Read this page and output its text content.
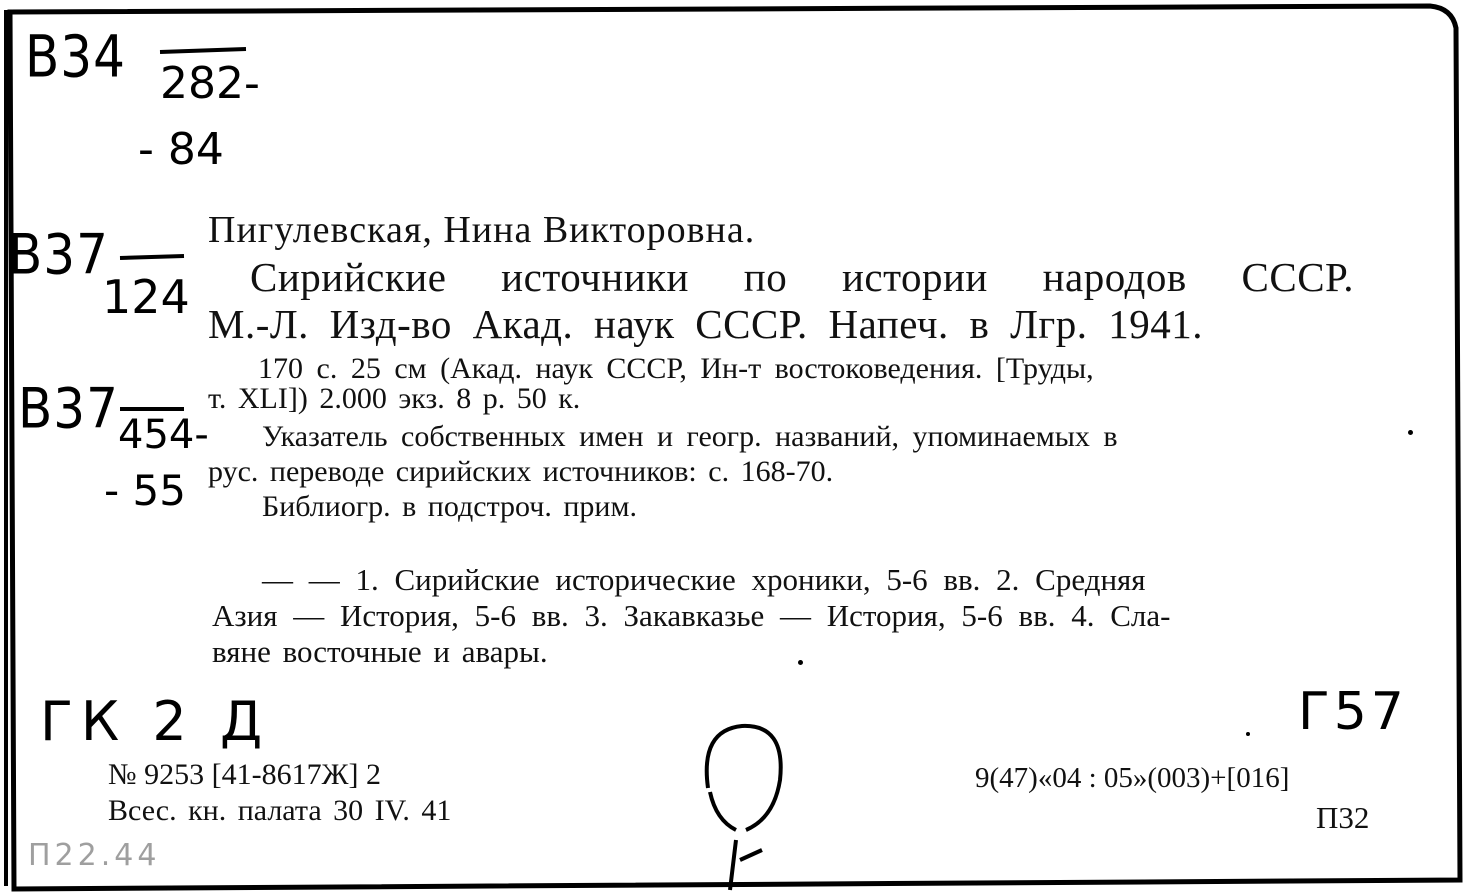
В34 282-
- 84
В37
124
В37 454-
- 55
Пигулевская, Нина Викторовна.
Сирийские источники по истории народов СССР.
М.-Л. Изд-во Акад. наук СССР. Напеч. в Лгр. 1941.
170 с. 25 см (Акад. наук СССР, Ин-т востоковедения. [Труды,
т. XLI]) 2.000 экз. 8 р. 50 к.
Указатель собственных имен и геогр. названий, упоминаемых в
рус. переводе сирийских источников: с. 168-70.
Библиогр. в подстроч. прим.
— — 1. Сирийские исторические хроники, 5-6 вв. 2. Средняя
Азия — История, 5-6 вв. 3. Закавказье — История, 5-6 вв. 4. Сла-
вяне восточные и авары.
ГК 2 Д	Г57
№ 9253 [41-8617Ж] 2
Всес. кн. палата 30 IV. 41
9(47)«04 : 05»(003)+[016]
П32
П22.44
